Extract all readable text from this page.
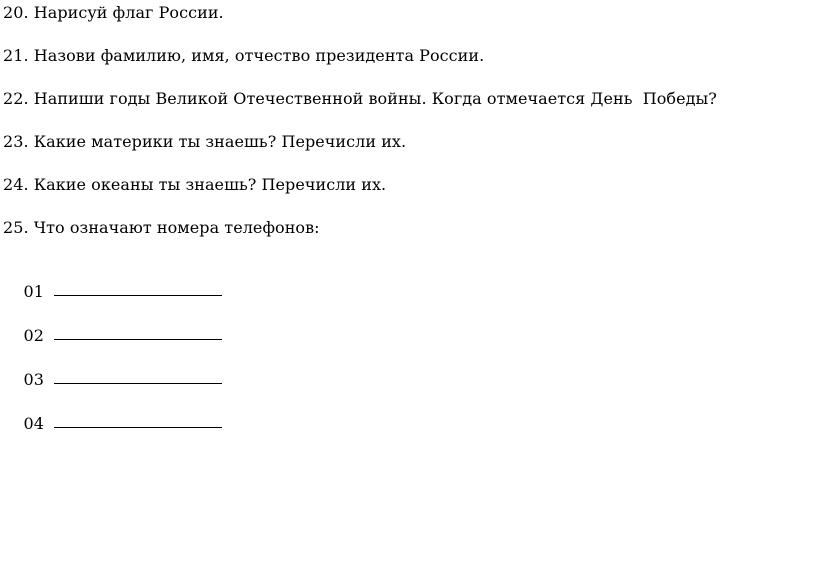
20. Нарисуй флаг России.
21. Назови фамилию, имя, отчество президента России.
22. Напиши годы Великой Отечественной войны. Когда отмечается День  Победы?
23. Какие материки ты знаешь? Перечисли их.
24. Какие океаны ты знаешь? Перечисли их.
25. Что означают номера телефонов:

01

02

03

04
